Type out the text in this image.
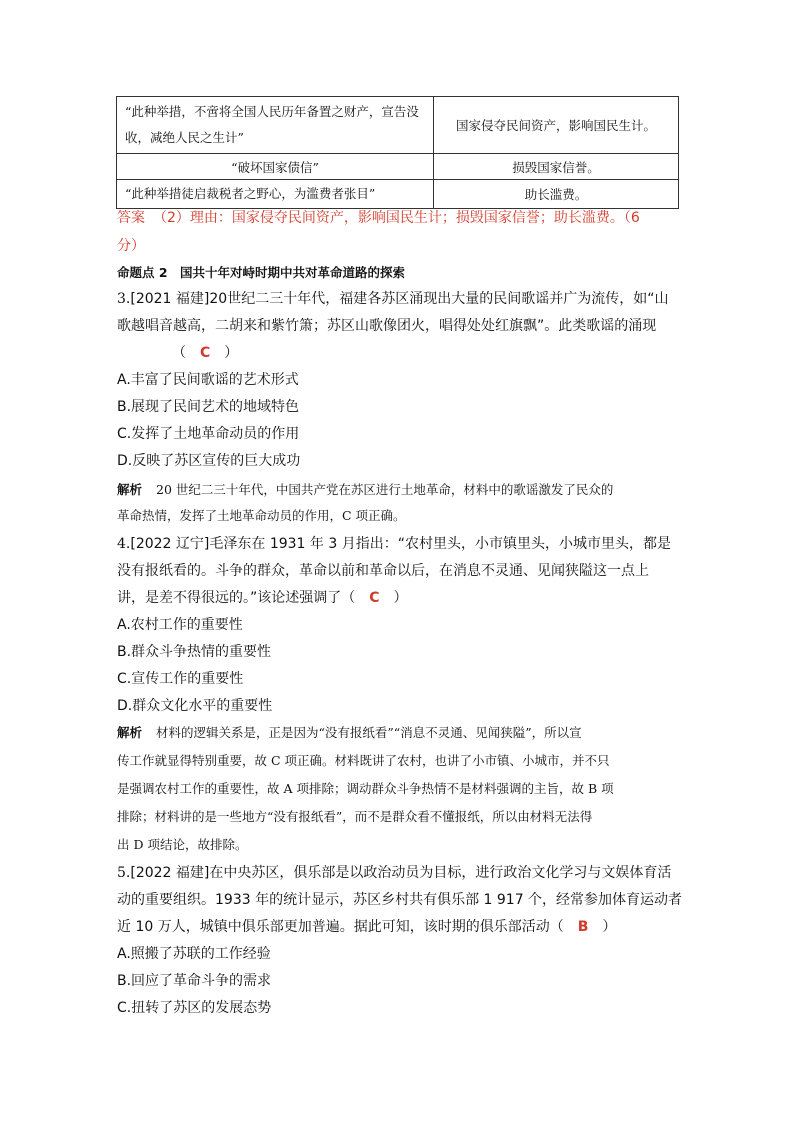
“此种举措，不啻将全国人民历年备置之财产，宣告没收，减绝人民之生计”	国家侵夺民间资产，影响国民生计。
“破坏国家债信”	损毁国家信誉。
“此种举措徒启裁税者之野心，为滥费者张目”	助长滥费。
答案 （2）理由：国家侵夺民间资产，影响国民生计；损毁国家信誉；助长滥费。（6
分）
命题点 2　国共十年对峙时期中共对革命道路的探索
3.[2021 福建]20世纪二三十年代，福建各苏区涌现出大量的民间歌谣并广为流传，如“山
歌越唱音越高，二胡来和紫竹箫；苏区山歌像团火，唱得处处红旗飘”。此类歌谣的涌现
（ C ）
A.丰富了民间歌谣的艺术形式
B.展现了民间艺术的地域特色
C.发挥了土地革命动员的作用
D.反映了苏区宣传的巨大成功
解析 20 世纪二三十年代，中国共产党在苏区进行土地革命，材料中的歌谣激发了民众的
革命热情，发挥了土地革命动员的作用，C 项正确。
4.[2022 辽宁]毛泽东在 1931 年 3 月指出：“农村里头，小市镇里头，小城市里头，都是
没有报纸看的。斗争的群众，革命以前和革命以后，在消息不灵通、见闻狭隘这一点上
讲，是差不得很远的。”该论述强调了（ C ）
A.农村工作的重要性
B.群众斗争热情的重要性
C.宣传工作的重要性
D.群众文化水平的重要性
解析 材料的逻辑关系是，正是因为“没有报纸看”“消息不灵通、见闻狭隘”，所以宣
传工作就显得特别重要，故 C 项正确。材料既讲了农村，也讲了小市镇、小城市，并不只
是强调农村工作的重要性，故 A 项排除；调动群众斗争热情不是材料强调的主旨，故 B 项
排除；材料讲的是一些地方“没有报纸看”，而不是群众看不懂报纸，所以由材料无法得
出 D 项结论，故排除。
5.[2022 福建]在中央苏区，俱乐部是以政治动员为目标，进行政治文化学习与文娱体育活
动的重要组织。1933 年的统计显示，苏区乡村共有俱乐部 1 917 个，经常参加体育运动者
近 10 万人，城镇中俱乐部更加普遍。据此可知，该时期的俱乐部活动（ B ）
A.照搬了苏联的工作经验
B.回应了革命斗争的需求
C.扭转了苏区的发展态势
